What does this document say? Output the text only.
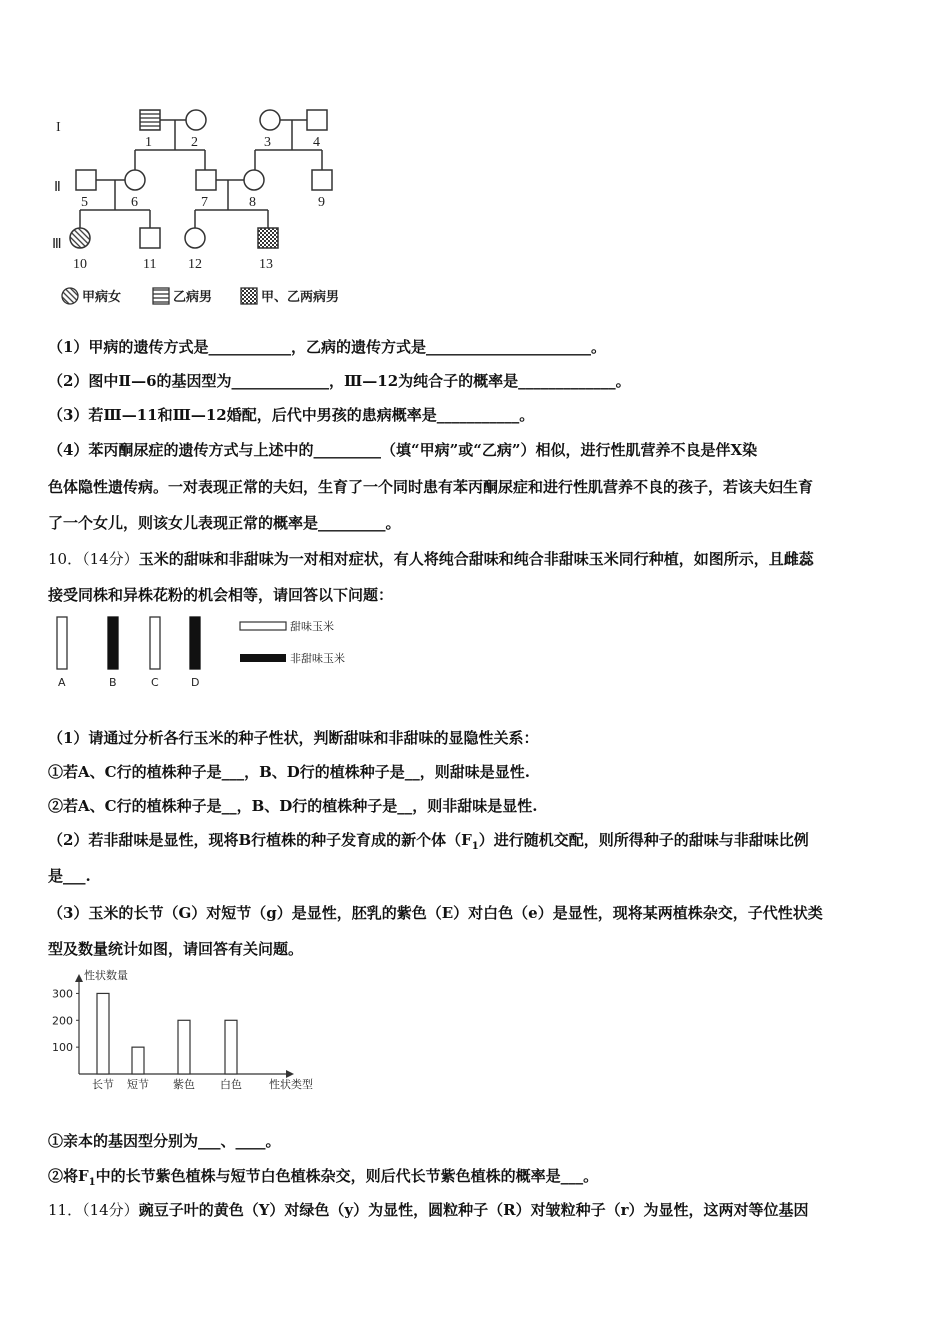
I
Ⅱ
Ⅲ
1	2	3	4
5	6	7	8	9
10	11 12	13
甲病女	乙病男	甲、乙两病男
（1）甲病的遗传方式是___________，乙病的遗传方式是______________________。
（2）图中Ⅱ—6的基因型为_____________，Ⅲ—12为纯合子的概率是_____________。
（3）若Ⅲ—11和Ⅲ—12婚配，后代中男孩的患病概率是___________。
（4）苯丙酮尿症的遗传方式与上述中的_________（填“甲病”或“乙病”）相似，进行性肌营养不良是伴X染
色体隐性遗传病。一对表现正常的夫妇，生育了一个同时患有苯丙酮尿症和进行性肌营养不良的孩子，若该夫妇生育
了一个女儿，则该女儿表现正常的概率是_________。
10．（14分）玉米的甜味和非甜味为一对相对症状，有人将纯合甜味和纯合非甜味玉米同行种植，如图所示，且雌蕊
接受同株和异株花粉的机会相等，请回答以下问题：
A	B	C	D
甜味玉米
非甜味玉米
（1）请通过分析各行玉米的种子性状，判断甜味和非甜味的显隐性关系：
①若A、C行的植株种子是___，B、D行的植株种子是__，则甜味是显性.
②若A、C行的植株种子是__，B、D行的植株种子是__，则非甜味是显性.
（2）若非甜味是显性，现将B行植株的种子发育成的新个体$(F_1)$进行随机交配，则所得种子的甜味与非甜味比例
是___.
（3）玉米的长节（G）对短节（g）是显性，胚乳的紫色（E）对白色（e）是显性，现将某两植株杂交，子代性状类
型及数量统计如图，请回答有关问题。
性状数量
性状类型
100
200
300
长节 短节 紫色 白色
①亲本的基因型分别为___、____。
②将$F_1$中的长节紫色植株与短节白色植株杂交，则后代长节紫色植株的概率是___。
11．（14分）豌豆子叶的黄色（Y）对绿色（y）为显性，圆粒种子（R）对皱粒种子（r）为显性，这两对等位基因
